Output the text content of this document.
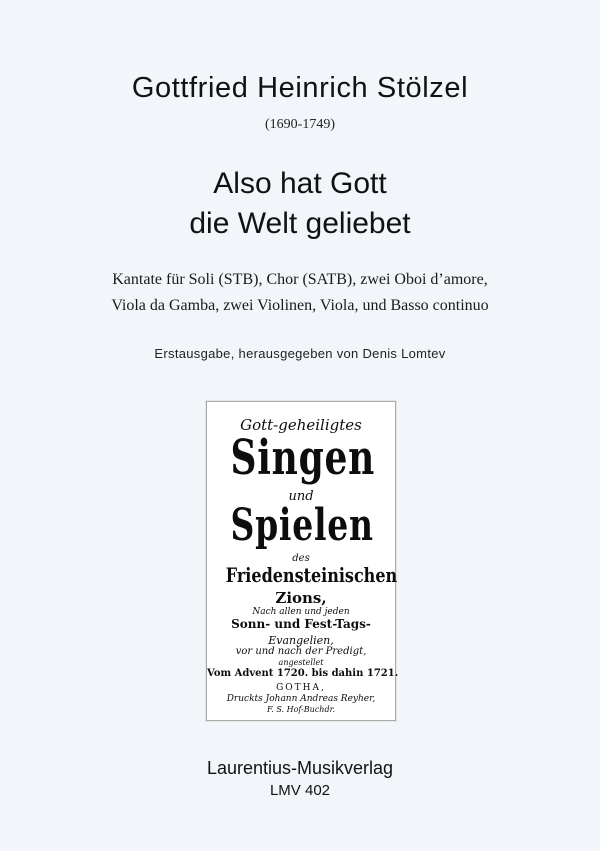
Gottfried Heinrich Stölzel
(1690-1749)
Also hat Gott
die Welt geliebet
Kantate für Soli (STB), Chor (SATB), zwei Oboi d’amore,
Viola da Gamba, zwei Violinen, Viola, und Basso continuo
Erstausgabe, herausgegeben von Denis Lomtev
Gott-geheiligtes
Singen
und
Spielen
des
Friedensteinischen
Zions,
Nach allen und jeden
Sonn- und Fest-Tags-
Evangelien,
vor und nach der Predigt,
angestellet
Vom Advent 1720. bis dahin 1721.
GOTHA,
Druckts Johann Andreas Reyher,
F. S. Hof-Buchdr.
Laurentius-Musikverlag
LMV 402
